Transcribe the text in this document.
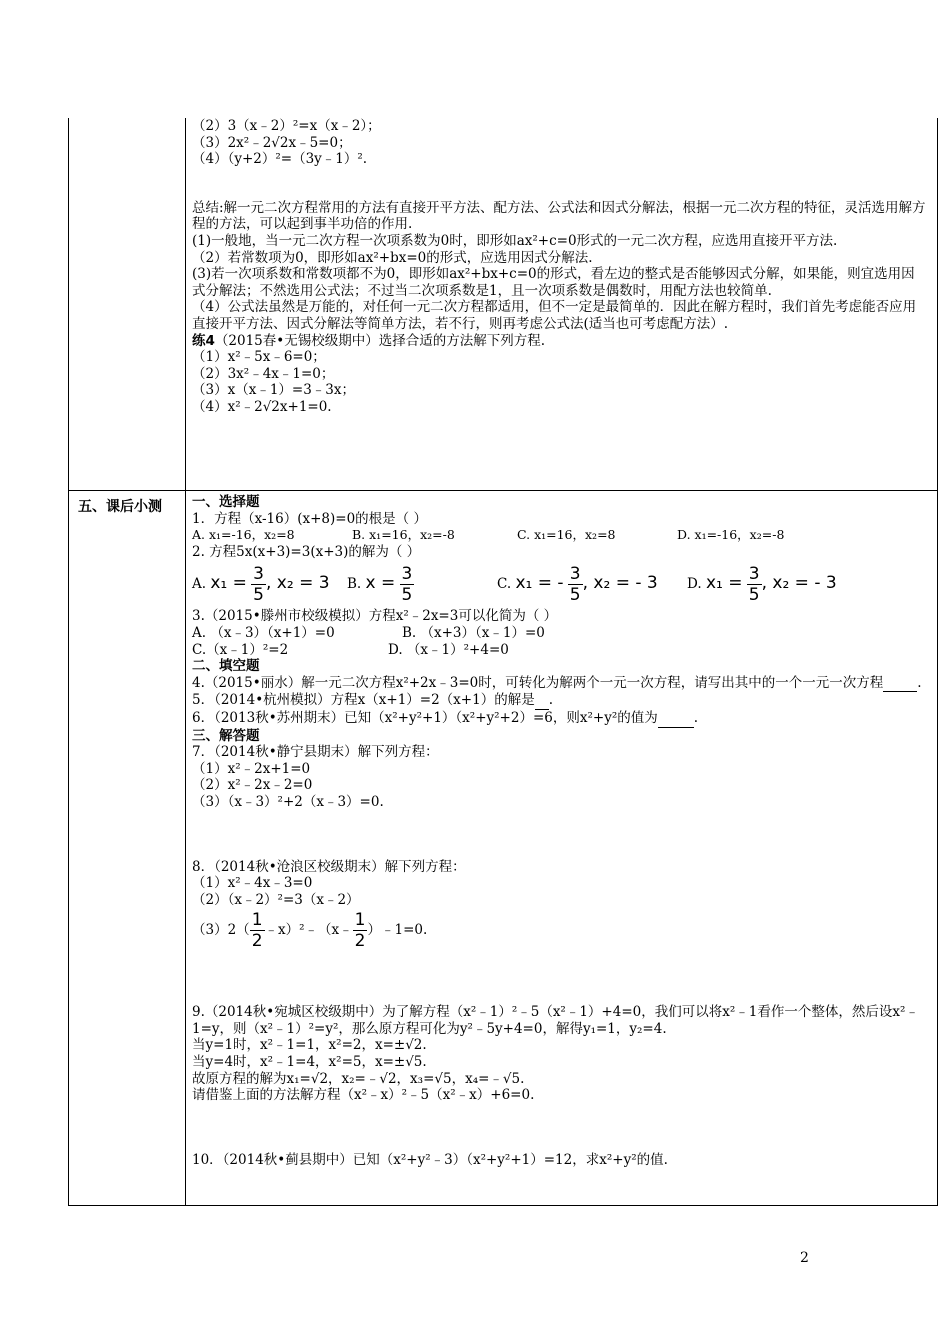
（2）3（x﹣2）²=x（x﹣2）；
（3）2x²﹣2√2x﹣5=0；
（4）（y+2）²=（3y﹣1）².
总结:解一元二次方程常用的方法有直接开平方法、配方法、公式法和因式分解法，根据一元二次方程的特征，灵活选用解方程的方法，可以起到事半功倍的作用.
(1)一般地，当一元二次方程一次项系数为0时，即形如ax²+c=0形式的一元二次方程，应选用直接开平方法.
（2）若常数项为0，即形如ax²+bx=0的形式，应选用因式分解法.
(3)若一次项系数和常数项都不为0，即形如ax²+bx+c=0的形式，看左边的整式是否能够因式分解，如果能，则宜选用因式分解法；不然选用公式法；不过当二次项系数是1，且一次项系数是偶数时，用配方法也较简单.
（4）公式法虽然是万能的，对任何一元二次方程都适用，但不一定是最简单的．因此在解方程时，我们首先考虑能否应用直接开平方法、因式分解法等简单方法，若不行，则再考虑公式法(适当也可考虑配方法）.
练4（2015春•无锡校级期中）选择合适的方法解下列方程.
（1）x²﹣5x﹣6=0；
（2）3x²﹣4x﹣1=0；
（3）x（x﹣1）=3﹣3x；
（4）x²﹣2√2x+1=0.
五、课后小测 一、选择题
1．方程（x-16）(x+8)=0的根是（ ）
A. x₁=-16，x₂=8	B. x₁=16，x₂=-8	C. x₁=16，x₂=8	D. x₁=-16，x₂=-8
2. 方程5x(x+3)=3(x+3)的解为（ ）
A. $x_1 = \frac{3}{5}$ , x₂ = 3	B. $x = \frac{3}{5}$	C. x₁ = - $\frac{3}{5}$ , x₂ = - 3	D. $x_1 = \frac{3}{5}$ , x₂ = - 3
3.（2015•滕州市校级模拟）方程x²﹣2x=3可以化简为（ ）
A. （x﹣3）（x+1）=0	B. （x+3）（x﹣1）=0
C.（x﹣1）²=2	D. （x﹣1）²+4=0
二、填空题
4.（2015•丽水）解一元二次方程x²+2x﹣3=0时，可转化为解两个一元一次方程，请写出其中的一个一元一次方程	.
5．（2014•杭州模拟）方程x（x+1）=2（x+1）的解是 .
6．（2013秋•苏州期末）已知（x²+y²+1）（x²+y²+2）=6，则x²+y²的值为	.
三、解答题
7．（2014秋•静宁县期末）解下列方程：
（1）x²﹣2x+1=0
（2）x²﹣2x﹣2=0
（3）（x﹣3）²+2（x﹣3）=0.
8．（2014秋•沧浪区校级期末）解下列方程：
（1）x²﹣4x﹣3=0
（2）（x﹣2）²=3（x﹣2）
$(3)2( \frac{1}{2}$ ﹣x）²﹣（x﹣ $\frac{1}{2}$ ）﹣1=0.
9.（2014秋•宛城区校级期中）为了解方程（x²﹣1）²﹣5（x²﹣1）+4=0，我们可以将x²﹣1看作一个整体，然后设x²﹣1=y，则（x²﹣1）²=y²，那么原方程可化为y²﹣5y+4=0，解得y₁=1，y₂=4.
当y=1时，x²﹣1=1，x²=2，x=±√2.
当y=4时，x²﹣1=4，x²=5，x=±√5.
故原方程的解为x₁=√2，x₂=﹣√2，x₃=√5，x₄=﹣√5.
请借鉴上面的方法解方程（x²﹣x）²﹣5（x²﹣x）+6=0.
10．（2014秋•蓟县期中）已知（x²+y²﹣3）（x²+y²+1）=12，求x²+y²的值.
2
